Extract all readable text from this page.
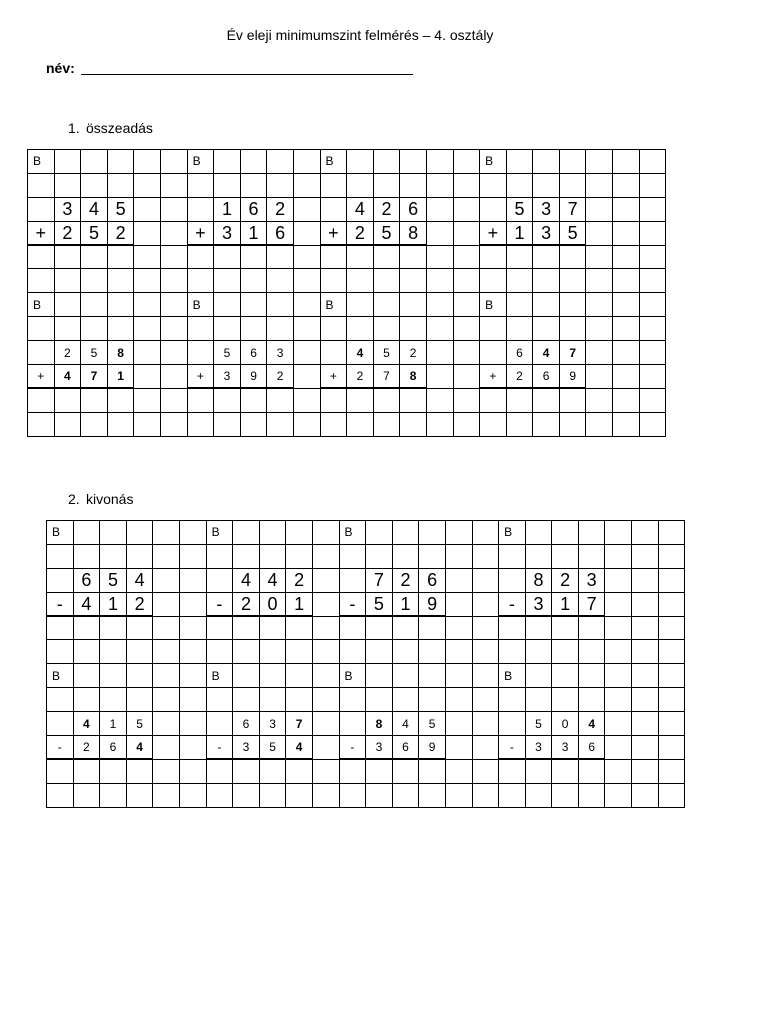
Év eleji minimumszint felmérés – 4. osztály
név:
1. összeadás
B						B					B						B						

	3	4	5				1	6	2			4	2	6				5	3	7			
+	2	5	2			+	3	1	6		+	2	5	8			+	1	3	5			

B						B					B						B						

	2	5	8				5	6	3			4	5	2				6	4	7			
+	4	7	1			+	3	9	2		+	2	7	8			+	2	6	9			

2. kivonás
B						B					B						B						

	6	5	4				4	4	2			7	2	6				8	2	3			
-	4	1	2			-	2	0	1		-	5	1	9			-	3	1	7			

B						B					B						B						

	4	1	5				6	3	7			8	4	5				5	0	4			
-	2	6	4			-	3	5	4		-	3	6	9			-	3	3	6			
